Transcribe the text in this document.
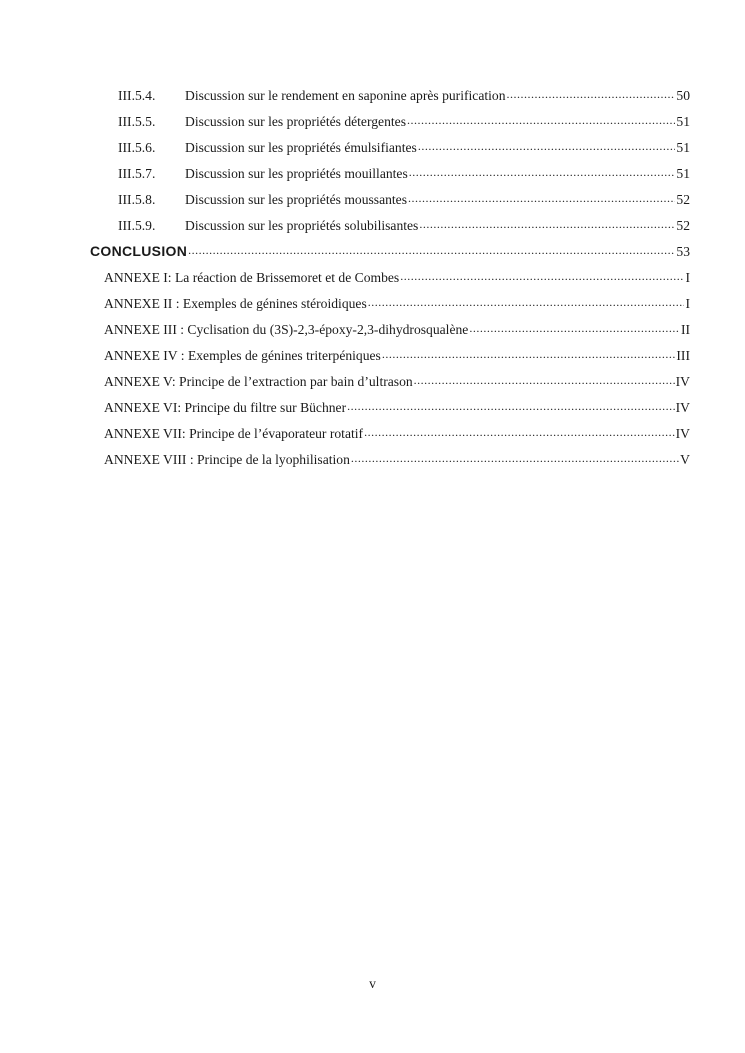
III.5.4.	Discussion sur le rendement en saponine après purification .....	50
III.5.5.	Discussion sur les propriétés détergentes .....	51
III.5.6.	Discussion sur les propriétés émulsifiantes .....	51
III.5.7.	Discussion sur les propriétés mouillantes .....	51
III.5.8.	Discussion sur les propriétés moussantes .....	52
III.5.9.	Discussion sur les propriétés solubilisantes .....	52
CONCLUSION .....	53
ANNEXE I: La réaction de Brissemoret et de Combes .....	I
ANNEXE II : Exemples de génines stéroidiques .....	I
ANNEXE III : Cyclisation du (3S)-2,3-époxy-2,3-dihydrosqualène .....	II
ANNEXE IV : Exemples de génines triterpéniques .....	III
ANNEXE V: Principe de l’extraction par bain d’ultrason .....	IV
ANNEXE VI: Principe du filtre sur Büchner .....	IV
ANNEXE VII: Principe de l’évaporateur rotatif .....	IV
ANNEXE VIII : Principe de la lyophilisation .....	V
v
